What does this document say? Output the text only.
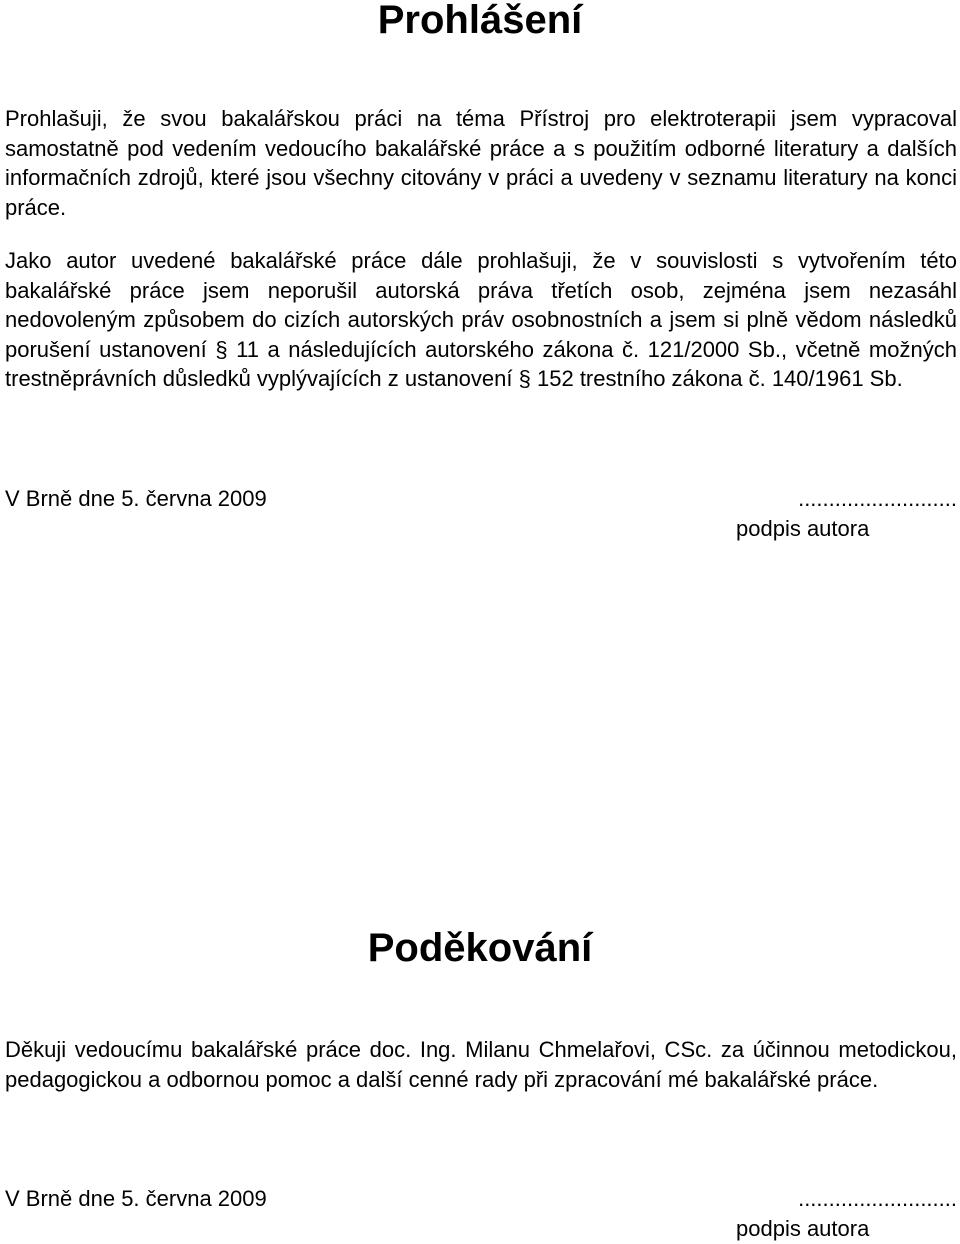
Prohlášení

Prohlašuji, že svou bakalářskou práci na téma Přístroj pro elektroterapii jsem vypracoval samostatně pod vedením vedoucího bakalářské práce a s použitím odborné literatury a dalších informačních zdrojů, které jsou všechny citovány v práci a uvedeny v seznamu literatury na konci práce.

Jako autor uvedené bakalářské práce dále prohlašuji, že v souvislosti s vytvořením této bakalářské práce jsem neporušil autorská práva třetích osob, zejména jsem nezasáhl nedovoleným způsobem do cizích autorských práv osobnostních a jsem si plně vědom následků porušení ustanovení § 11 a následujících autorského zákona č. 121/2000 Sb., včetně možných trestněprávních důsledků vyplývajících z ustanovení § 152 trestního zákona č. 140/1961 Sb.

V Brně dne 5. června 2009	..........................

podpis autora

Poděkování

Děkuji vedoucímu bakalářské práce doc. Ing. Milanu Chmelařovi, CSc. za účinnou metodickou, pedagogickou a odbornou pomoc a další cenné rady při zpracování mé bakalářské práce.

V Brně dne 5. června 2009	..........................

podpis autora
